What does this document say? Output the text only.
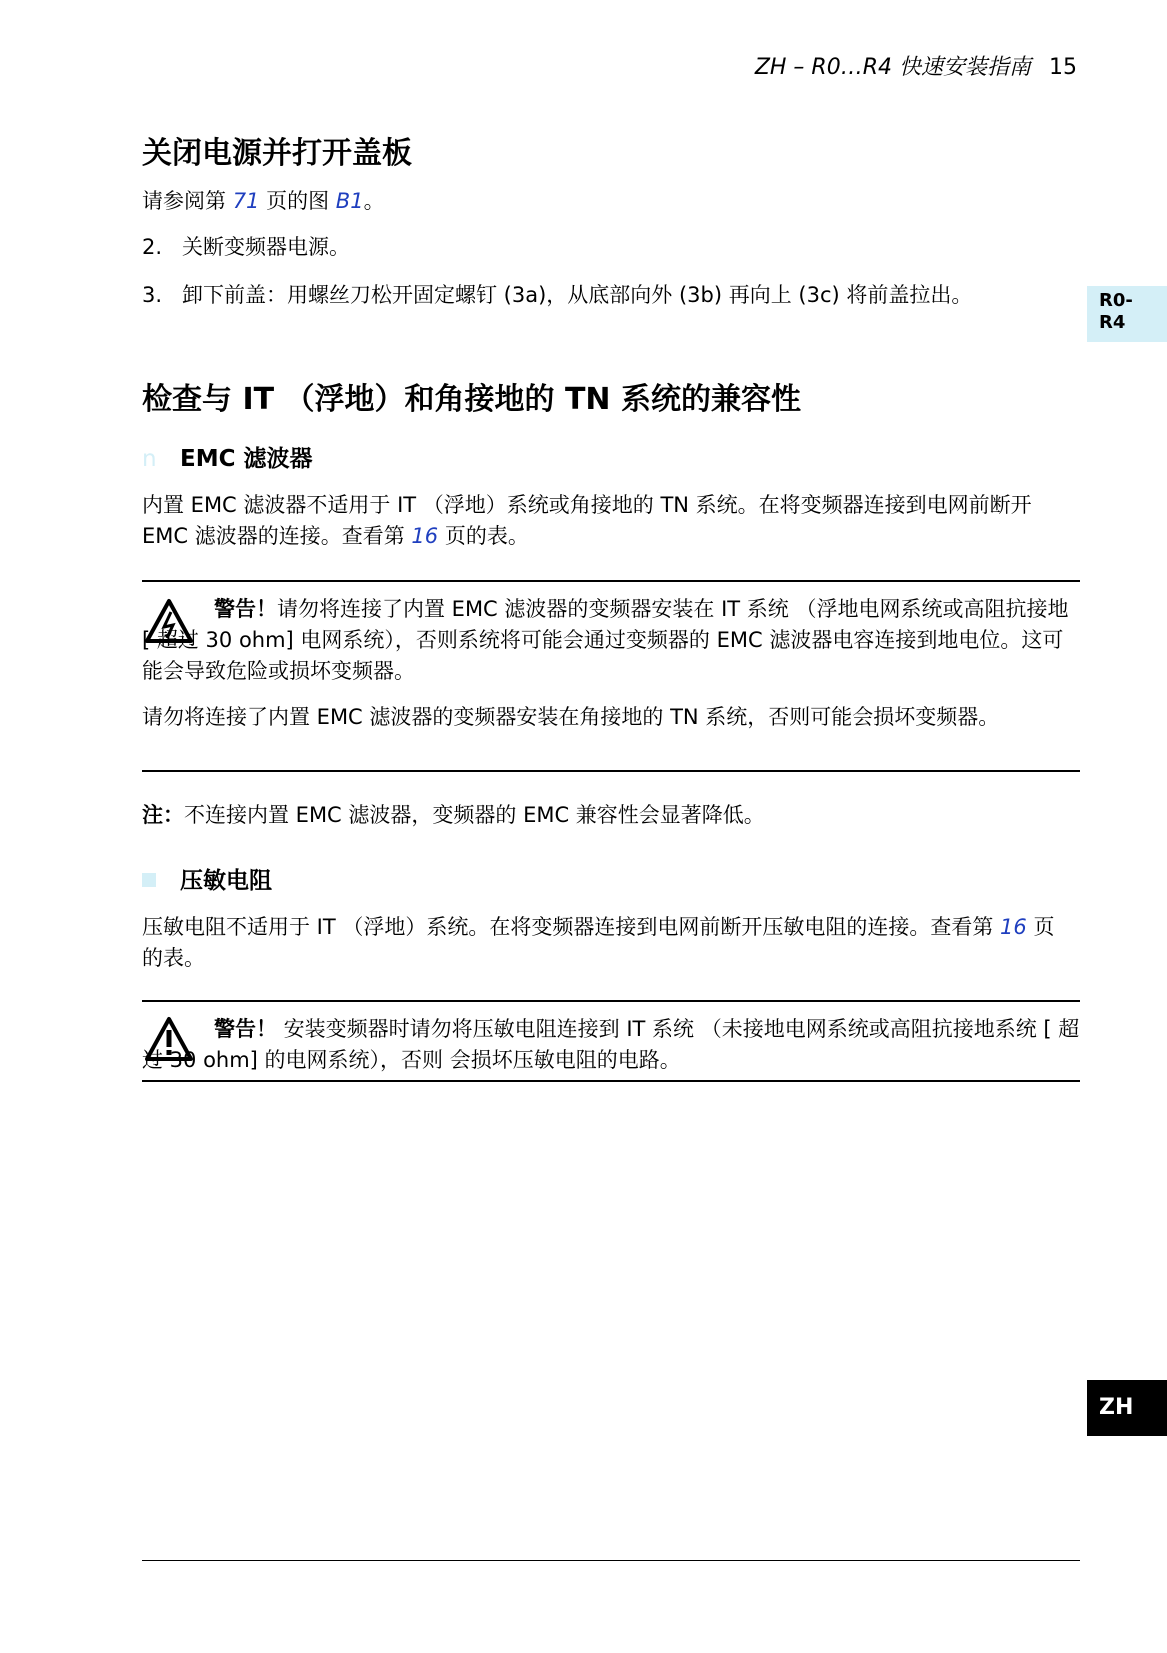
ZH – R0…R4 快速安装指南 15
关闭电源并打开盖板
请参阅第 71 页的图 B1。
2. 关断变频器电源。
3. 卸下前盖：用螺丝刀松开固定螺钉 (3a)，从底部向外 (3b) 再向上 (3c) 将前盖拉出。
检查与 IT （浮地）和角接地的 TN 系统的兼容性
n EMC 滤波器
内置 EMC 滤波器不适用于 IT （浮地）系统或角接地的 TN 系统。在将变频器连接到电网前断开 EMC 滤波器的连接。查看第 16 页的表。
警告！请勿将连接了内置 EMC 滤波器的变频器安装在 IT 系统 （浮地电网系统或高阻抗接地 [ 超过 30 ohm] 电网系统），否则系统将可能会通过变频器的 EMC 滤波器电容连接到地电位。这可能会导致危险或损坏变频器。
请勿将连接了内置 EMC 滤波器的变频器安装在角接地的 TN 系统，否则可能会损坏变频器。
注：不连接内置 EMC 滤波器，变频器的 EMC 兼容性会显著降低。
压敏电阻
压敏电阻不适用于 IT （浮地）系统。在将变频器连接到电网前断开压敏电阻的连接。查看第 16 页的表。
警告！ 安装变频器时请勿将压敏电阻连接到 IT 系统 （未接地电网系统或高阻抗接地系统 [ 超过 30 ohm] 的电网系统），否则 会损坏压敏电阻的电路。
R0-
R4
ZH
